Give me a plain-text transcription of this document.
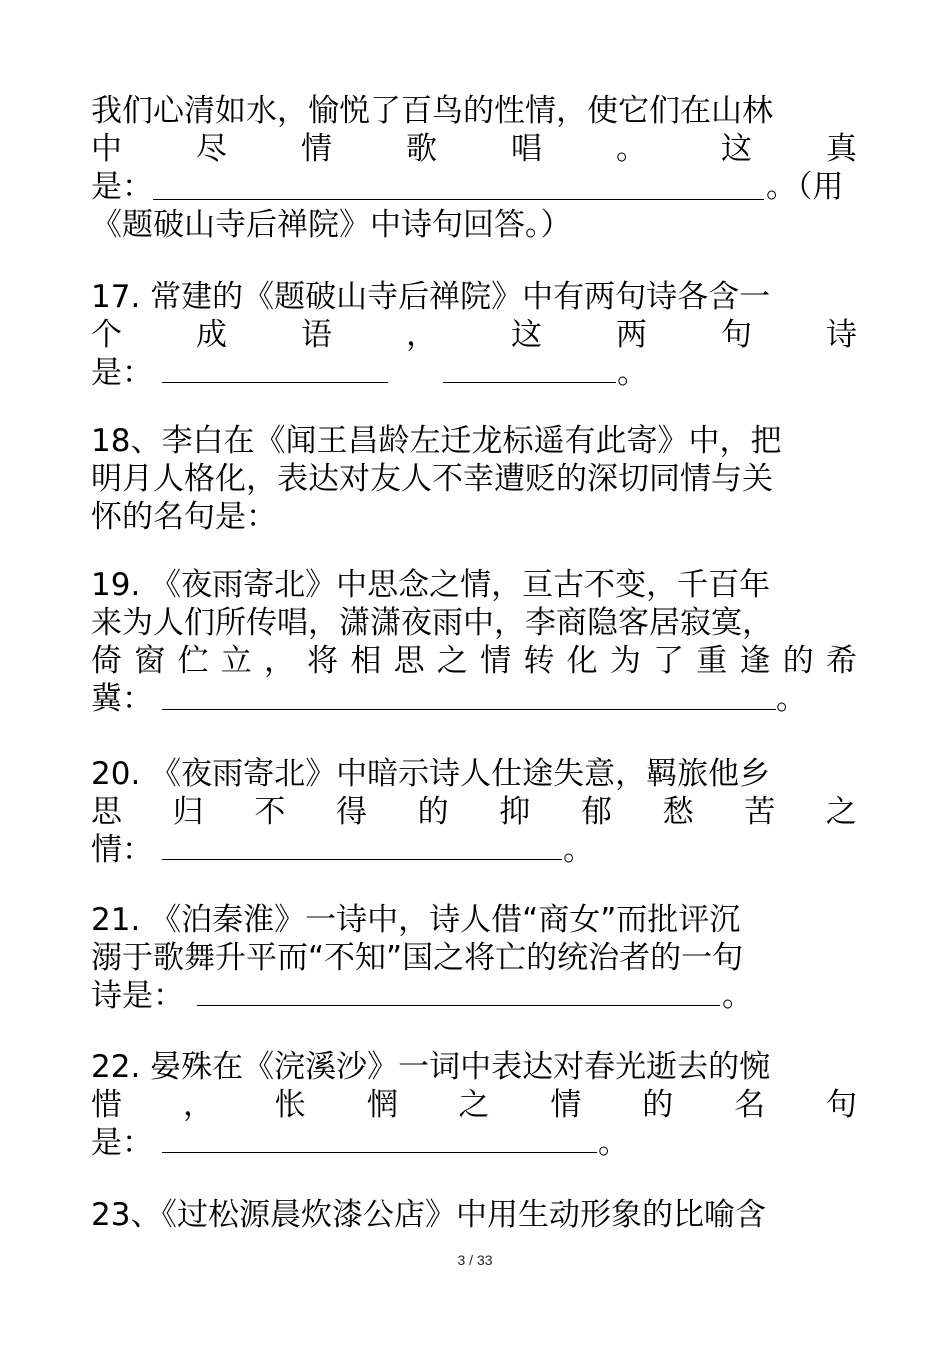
我们心清如水，愉悦了百鸟的性情，使它们在山林
中 尽 情 歌 唱 。 这 真
是：	。（用
《题破山寺后禅院》中诗句回答。）
17. 常建的《题破山寺后禅院》中有两句诗各含一
个 成 语 ， 这 两 句 诗
是：	。
18、李白在《闻王昌龄左迁龙标遥有此寄》中，把
明月人格化，表达对友人不幸遭贬的深切同情与关
怀的名句是：
19. 《夜雨寄北》中思念之情，亘古不变，千百年
来为人们所传唱，潇潇夜雨中，李商隐客居寂寞，
倚 窗 伫 立 ， 将 相 思 之 情 转 化 为 了 重 逢 的 希
冀：	。
20. 《夜雨寄北》中暗示诗人仕途失意，羁旅他乡
思 归 不 得 的 抑 郁 愁 苦 之
情：	。
21. 《泊秦淮》一诗中，诗人借“商女”而批评沉
溺于歌舞升平而“不知”国之将亡的统治者的一句
诗是：	。
22. 晏殊在《浣溪沙》一词中表达对春光逝去的惋
惜 ， 怅 惘 之 情 的 名 句
是：	。
23、《过松源晨炊漆公店》中用生动形象的比喻含
3 / 33
